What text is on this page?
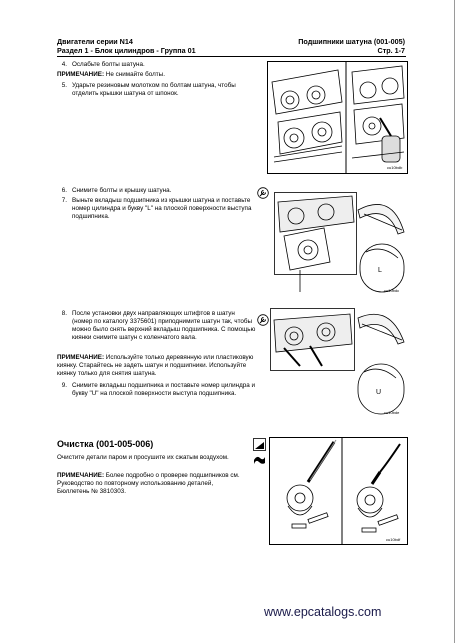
Двигатели серии N14
Раздел 1 - Блок цилиндров - Группа 01
Подшипники шатуна (001-005)
Стр. 1-7
4. Ослабьте болты шатуна.
ПРИМЕЧАНИЕ: Не снимайте болты.
5. Ударьте резиновым молотком по болтам шатуна, чтобы отделить крышки шатуна от шпонок.
cu10bdb
6. Снимите болты и крышку шатуна.
7. Выньте вкладыш подшипника из крышки шатуна и поставьте номер цилиндра и букву "L" на плоской поверхности выступа подшипника.
L
cu10bdc
8. После установки двух направляющих штифтов в шатун (номер по каталогу 3375601) приподнимите шатун так, чтобы можно было снять верхний вкладыш подшипника. С помощью киянки снимите шатун с коленчатого вала.
ПРИМЕЧАНИЕ: Используйте только деревянную или пластиковую киянку. Старайтесь не задеть шатун и подшипники. Используйте киянку только для снятия шатуна.
9. Снимите вкладыш подшипника и поставьте номер цилиндра и букву "U" на плоской поверхности выступа подшипника.	U
cu10bde
Очистка (001-005-006)
Очистите детали паром и просушите их сжатым воздухом.
ПРИМЕЧАНИЕ: Более подробно о проверке подшипников см. Руководство по повторному использованию деталей, Бюллетень № 3810303.
cu10bdf
www.epcatalogs.com
